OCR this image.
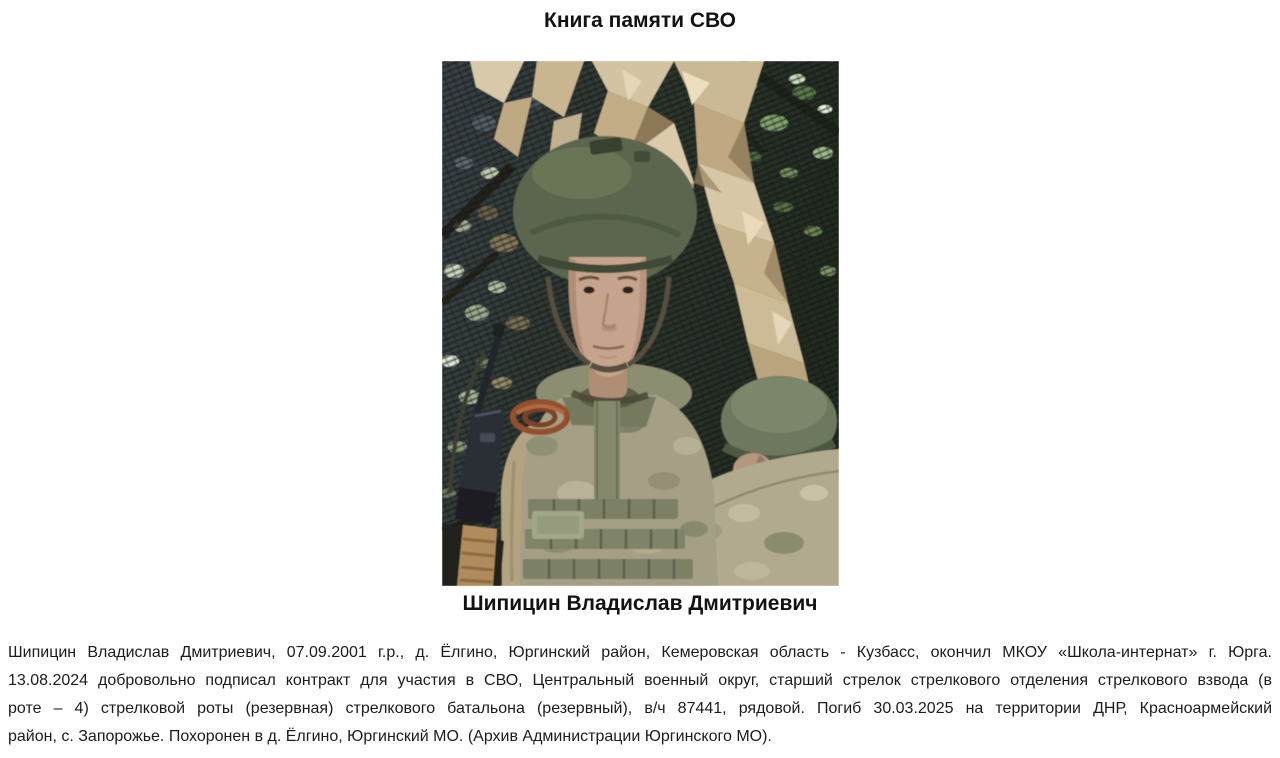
Книга памяти СВО
Шипицин Владислав Дмитриевич
Шипицин Владислав Дмитриевич, 07.09.2001 г.р., д. Ёлгино, Юргинский район, Кемеровская область - Кузбасс, окончил МКОУ «Школа-интернат» г. Юрга.
13.08.2024 добровольно подписал контракт для участия в СВО, Центральный военный округ, старший стрелок стрелкового отделения стрелкового взвода (в
роте – 4) стрелковой роты (резервная) стрелкового батальона (резервный), в/ч 87441, рядовой. Погиб 30.03.2025 на территории ДНР, Красноармейский
район, с. Запорожье. Похоронен в д. Ёлгино, Юргинский МО. (Архив Администрации Юргинского МО).
